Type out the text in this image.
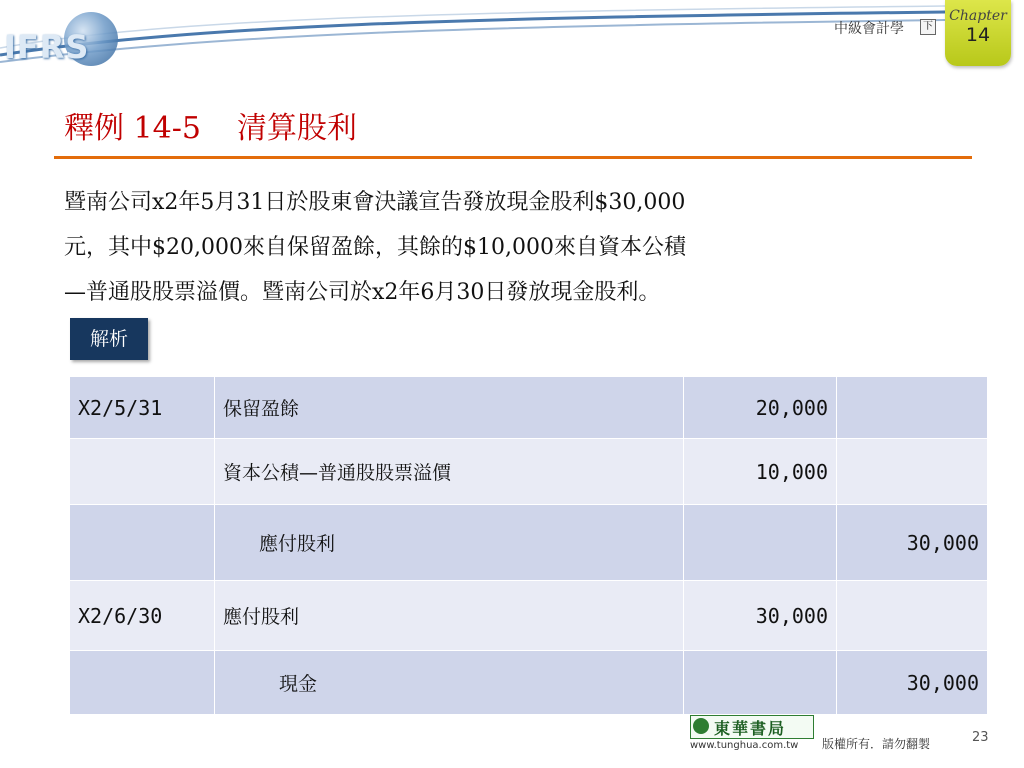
IFRS	中級會計學	下
Chapter
14
釋例 14-5 清算股利
暨南公司x2年5月31日於股東會決議宣告發放現金股利$30,000
元，其中$20,000來自保留盈餘，其餘的$10,000來自資本公積
—普通股股票溢價。暨南公司於x2年6月30日發放現金股利。
解析
X2/5/31	保留盈餘	20,000	
	資本公積—普通股股票溢價	10,000	
	應付股利		30,000
X2/6/30	應付股利	30,000	
	現金		30,000
東華書局
www.tunghua.com.tw 版權所有．請勿翻製	23
